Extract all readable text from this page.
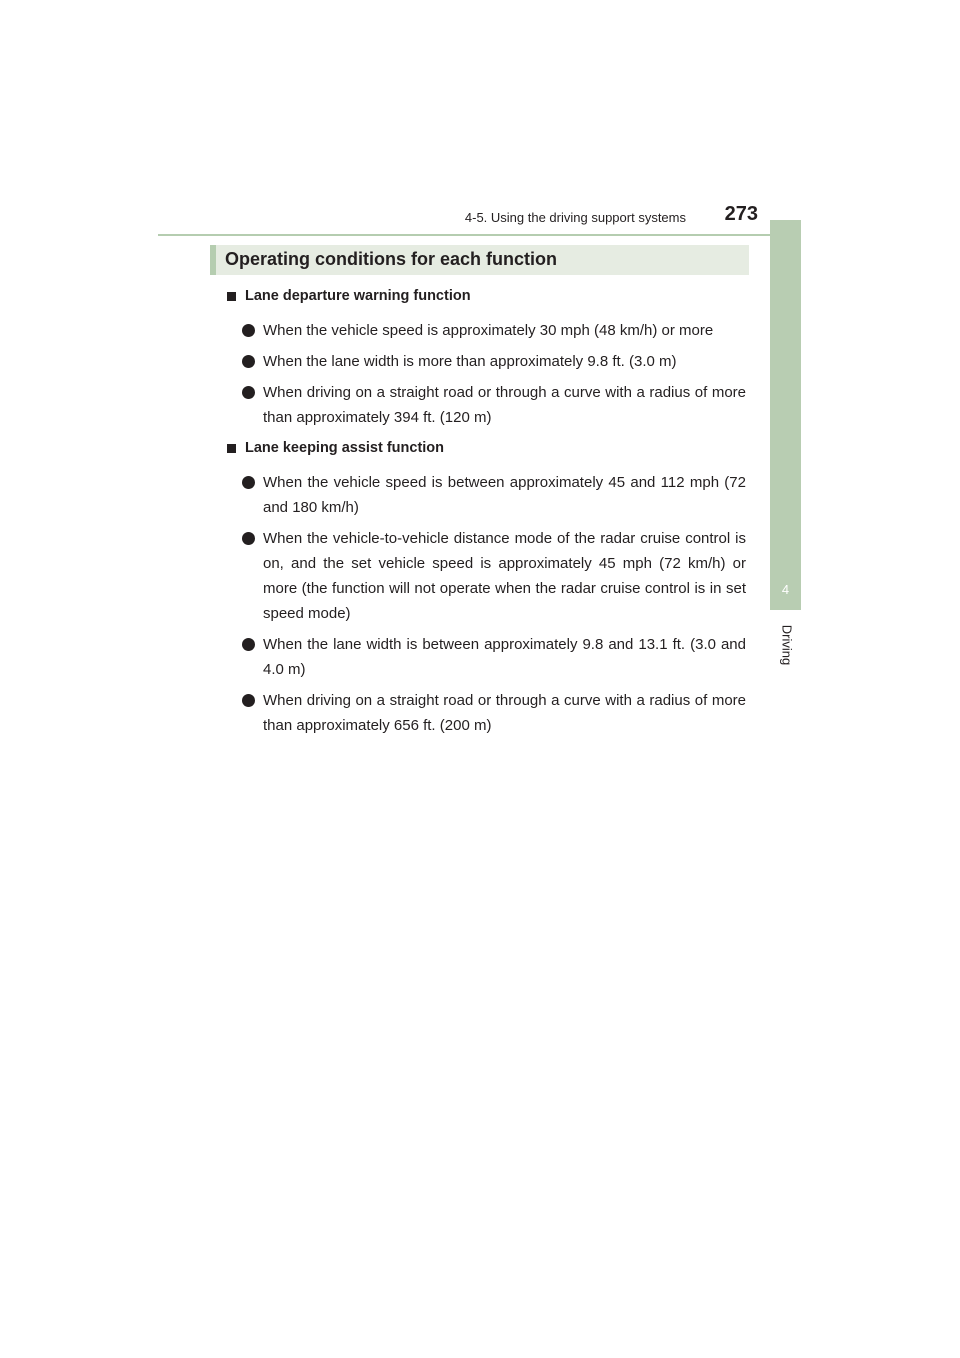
4-5. Using the driving support systems 273
4
Driving
Operating conditions for each function
Lane departure warning function
When the vehicle speed is approximately 30 mph (48 km/h) or more
When the lane width is more than approximately 9.8 ft. (3.0 m)
When driving on a straight road or through a curve with a radius of more than approximately 394 ft. (120 m)
Lane keeping assist function
When the vehicle speed is between approximately 45 and 112 mph (72 and 180 km/h)
When the vehicle-to-vehicle distance mode of the radar cruise control is on, and the set vehicle speed is approximately 45 mph (72 km/h) or more (the function will not operate when the radar cruise control is in set speed mode)
When the lane width is between approximately 9.8 and 13.1 ft. (3.0 and 4.0 m)
When driving on a straight road or through a curve with a radius of more than approximately 656 ft. (200 m)
